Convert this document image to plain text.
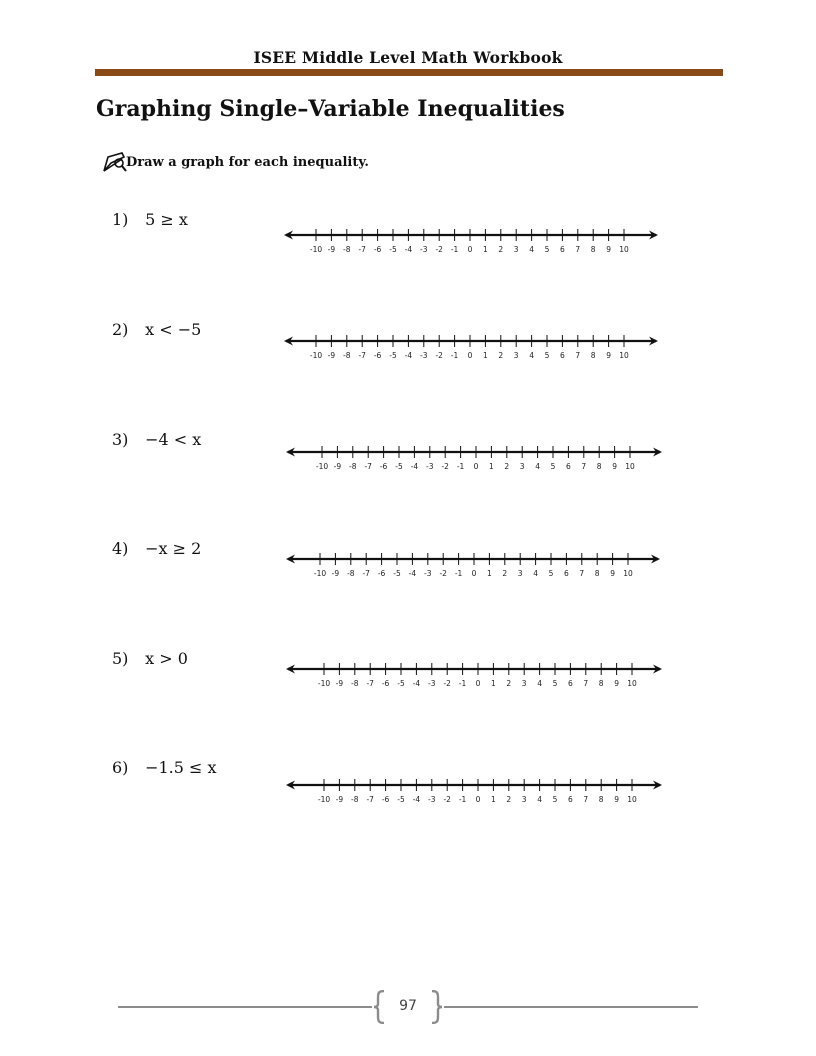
ISEE Middle Level Math Workbook
Graphing Single–Variable Inequalities
Draw a graph for each inequality.
1) 5 ≥ x
-10 -9 -8 -7 -6 -5 -4 -3 -2 -1 0 1 2 3 4 5 6 7 8 9 10
2) x < −5
-10 -9 -8 -7 -6 -5 -4 -3 -2 -1 0 1 2 3 4 5 6 7 8 9 10
3) −4 < x
-10 -9 -8 -7 -6 -5 -4 -3 -2 -1 0 1 2 3 4 5 6 7 8 9 10
4) −x ≥ 2
-10 -9 -8 -7 -6 -5 -4 -3 -2 -1 0 1 2 3 4 5 6 7 8 9 10
5) x > 0
-10 -9 -8 -7 -6 -5 -4 -3 -2 -1 0 1 2 3 4 5 6 7 8 9 10
6) −1.5 ≤ x
-10 -9 -8 -7 -6 -5 -4 -3 -2 -1 0 1 2 3 4 5 6 7 8 9 10
97
